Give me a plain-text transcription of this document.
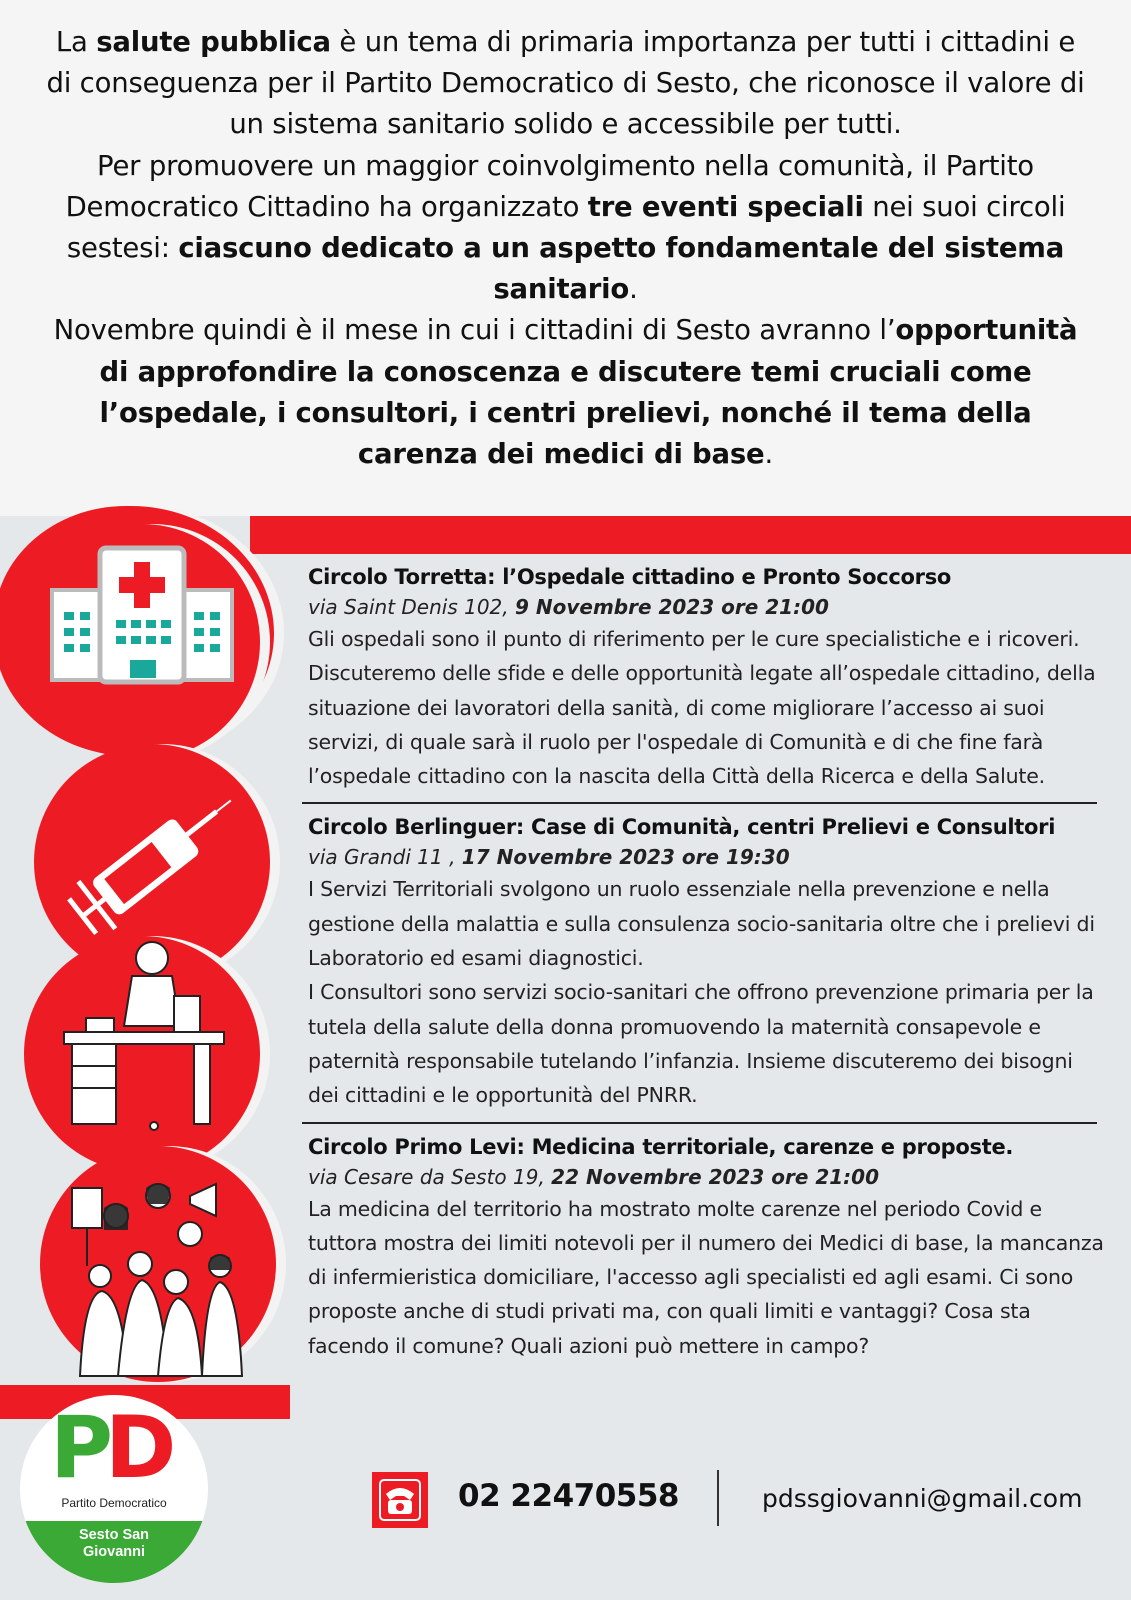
La salute pubblica è un tema di primaria importanza per tutti i cittadini e di conseguenza per il Partito Democratico di Sesto, che riconosce il valore di un sistema sanitario solido e accessibile per tutti.
Per promuovere un maggior coinvolgimento nella comunità, il Partito Democratico Cittadino ha organizzato tre eventi speciali nei suoi circoli sestesi: ciascuno dedicato a un aspetto fondamentale del sistema sanitario.
Novembre quindi è il mese in cui i cittadini di Sesto avranno l’opportunità di approfondire la conoscenza e discutere temi cruciali come l’ospedale, i consultori, i centri prelievi, nonché il tema della carenza dei medici di base.
Circolo Torretta: l’Ospedale cittadino e Pronto Soccorso
via Saint Denis 102, 9 Novembre 2023 ore 21:00
Gli ospedali sono il punto di riferimento per le cure specialistiche e i ricoveri. Discuteremo delle sfide e delle opportunità legate all’ospedale cittadino, della situazione dei lavoratori della sanità, di come migliorare l’accesso ai suoi servizi, di quale sarà il ruolo per l'ospedale di Comunità e di che fine farà l’ospedale cittadino con la nascita della Città della Ricerca e della Salute.
Circolo Berlinguer: Case di Comunità, centri Prelievi e Consultori
via Grandi 11 , 17 Novembre 2023 ore 19:30
I Servizi Territoriali svolgono un ruolo essenziale nella prevenzione e nella gestione della malattia e sulla consulenza socio-sanitaria oltre che i prelievi di Laboratorio ed esami diagnostici.
I Consultori sono servizi socio-sanitari che offrono prevenzione primaria per la tutela della salute della donna promuovendo la maternità consapevole e paternità responsabile tutelando l’infanzia. Insieme discuteremo dei bisogni dei cittadini e le opportunità del PNRR.
Circolo Primo Levi: Medicina territoriale, carenze e proposte.
via Cesare da Sesto 19, 22 Novembre 2023 ore 21:00
La medicina del territorio ha mostrato molte carenze nel periodo Covid e tuttora mostra dei limiti notevoli per il numero dei Medici di base, la mancanza di infermieristica domiciliare, l'accesso agli specialisti ed agli esami. Ci sono proposte anche di studi privati ma, con quali limiti e vantaggi? Cosa sta facendo il comune? Quali azioni può mettere in campo?
PD
Partito Democratico
Sesto San
Giovanni
02 22470558	pdssgiovanni@gmail.com
